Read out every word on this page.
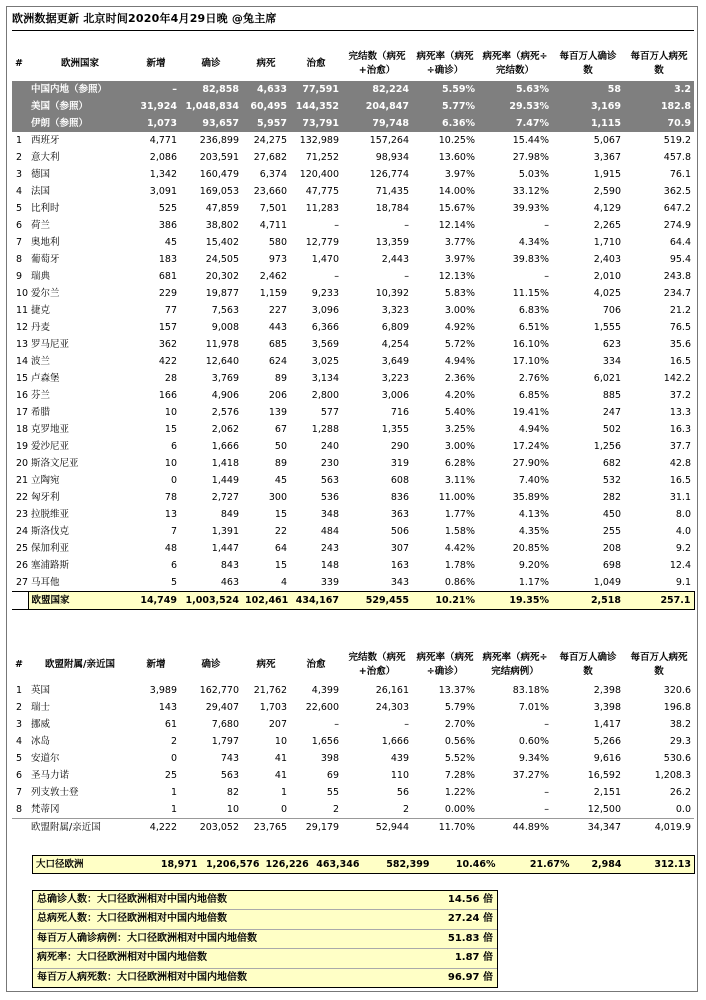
欧洲数据更新 北京时间2020年4月29日晚 @兔主席
#	欧洲国家	新增	确诊	病死	治愈	完结数（病死+治愈）	病死率（病死÷确诊）	病死率（病死÷完结数）	每百万人确诊数	每百万人病死数
	中国内地（参照）	–	82,858	4,633	77,591	82,224	5.59%	5.63%	58	3.2
	美国（参照）	31,924	1,048,834	60,495	144,352	204,847	5.77%	29.53%	3,169	182.8
	伊朗（参照）	1,073	93,657	5,957	73,791	79,748	6.36%	7.47%	1,115	70.9
1	西班牙	4,771	236,899	24,275	132,989	157,264	10.25%	15.44%	5,067	519.2
2	意大利	2,086	203,591	27,682	71,252	98,934	13.60%	27.98%	3,367	457.8
3	德国	1,342	160,479	6,374	120,400	126,774	3.97%	5.03%	1,915	76.1
4	法国	3,091	169,053	23,660	47,775	71,435	14.00%	33.12%	2,590	362.5
5	比利时	525	47,859	7,501	11,283	18,784	15.67%	39.93%	4,129	647.2
6	荷兰	386	38,802	4,711	–	–	12.14%	–	2,265	274.9
7	奥地利	45	15,402	580	12,779	13,359	3.77%	4.34%	1,710	64.4
8	葡萄牙	183	24,505	973	1,470	2,443	3.97%	39.83%	2,403	95.4
9	瑞典	681	20,302	2,462	–	–	12.13%	–	2,010	243.8
10	爱尔兰	229	19,877	1,159	9,233	10,392	5.83%	11.15%	4,025	234.7
11	捷克	77	7,563	227	3,096	3,323	3.00%	6.83%	706	21.2
12	丹麦	157	9,008	443	6,366	6,809	4.92%	6.51%	1,555	76.5
13	罗马尼亚	362	11,978	685	3,569	4,254	5.72%	16.10%	623	35.6
14	波兰	422	12,640	624	3,025	3,649	4.94%	17.10%	334	16.5
15	卢森堡	28	3,769	89	3,134	3,223	2.36%	2.76%	6,021	142.2
16	芬兰	166	4,906	206	2,800	3,006	4.20%	6.85%	885	37.2
17	希腊	10	2,576	139	577	716	5.40%	19.41%	247	13.3
18	克罗地亚	15	2,062	67	1,288	1,355	3.25%	4.94%	502	16.3
19	爱沙尼亚	6	1,666	50	240	290	3.00%	17.24%	1,256	37.7
20	斯洛文尼亚	10	1,418	89	230	319	6.28%	27.90%	682	42.8
21	立陶宛	0	1,449	45	563	608	3.11%	7.40%	532	16.5
22	匈牙利	78	2,727	300	536	836	11.00%	35.89%	282	31.1
23	拉脱维亚	13	849	15	348	363	1.77%	4.13%	450	8.0
24	斯洛伐克	7	1,391	22	484	506	1.58%	4.35%	255	4.0
25	保加利亚	48	1,447	64	243	307	4.42%	20.85%	208	9.2
26	塞浦路斯	6	843	15	148	163	1.78%	9.20%	698	12.4
27	马耳他	5	463	4	339	343	0.86%	1.17%	1,049	9.1
	欧盟国家	14,749	1,003,524	102,461	434,167	529,455	10.21%	19.35%	2,518	257.1
#	欧盟附属/亲近国	新增	确诊	病死	治愈	完结数（病死+治愈）	病死率（病死÷确诊）	病死率（病死÷完结病例）	每百万人确诊数	每百万人病死数
1	英国	3,989	162,770	21,762	4,399	26,161	13.37%	83.18%	2,398	320.6
2	瑞士	143	29,407	1,703	22,600	24,303	5.79%	7.01%	3,398	196.8
3	挪威	61	7,680	207	–	–	2.70%	–	1,417	38.2
4	冰岛	2	1,797	10	1,656	1,666	0.56%	0.60%	5,266	29.3
5	安道尔	0	743	41	398	439	5.52%	9.34%	9,616	530.6
6	圣马力诺	25	563	41	69	110	7.28%	37.27%	16,592	1,208.3
7	列支敦士登	1	82	1	55	56	1.22%	–	2,151	26.2
8	梵蒂冈	1	10	0	2	2	0.00%	–	12,500	0.0
	欧盟附属/亲近国	4,222	203,052	23,765	29,179	52,944	11.70%	44.89%	34,347	4,019.9
大口径欧洲	18,971	1,206,576	126,226	463,346	582,399	10.46%	21.67%	2,984	312.13
总确诊人数：大口径欧洲相对中国内地倍数	14.56 倍
总病死人数：大口径欧洲相对中国内地倍数	27.24 倍
每百万人确诊病例：大口径欧洲相对中国内地倍数	51.83 倍
病死率：大口径欧洲相对中国内地倍数	1.87 倍
每百万人病死数：大口径欧洲相对中国内地倍数	96.97 倍
